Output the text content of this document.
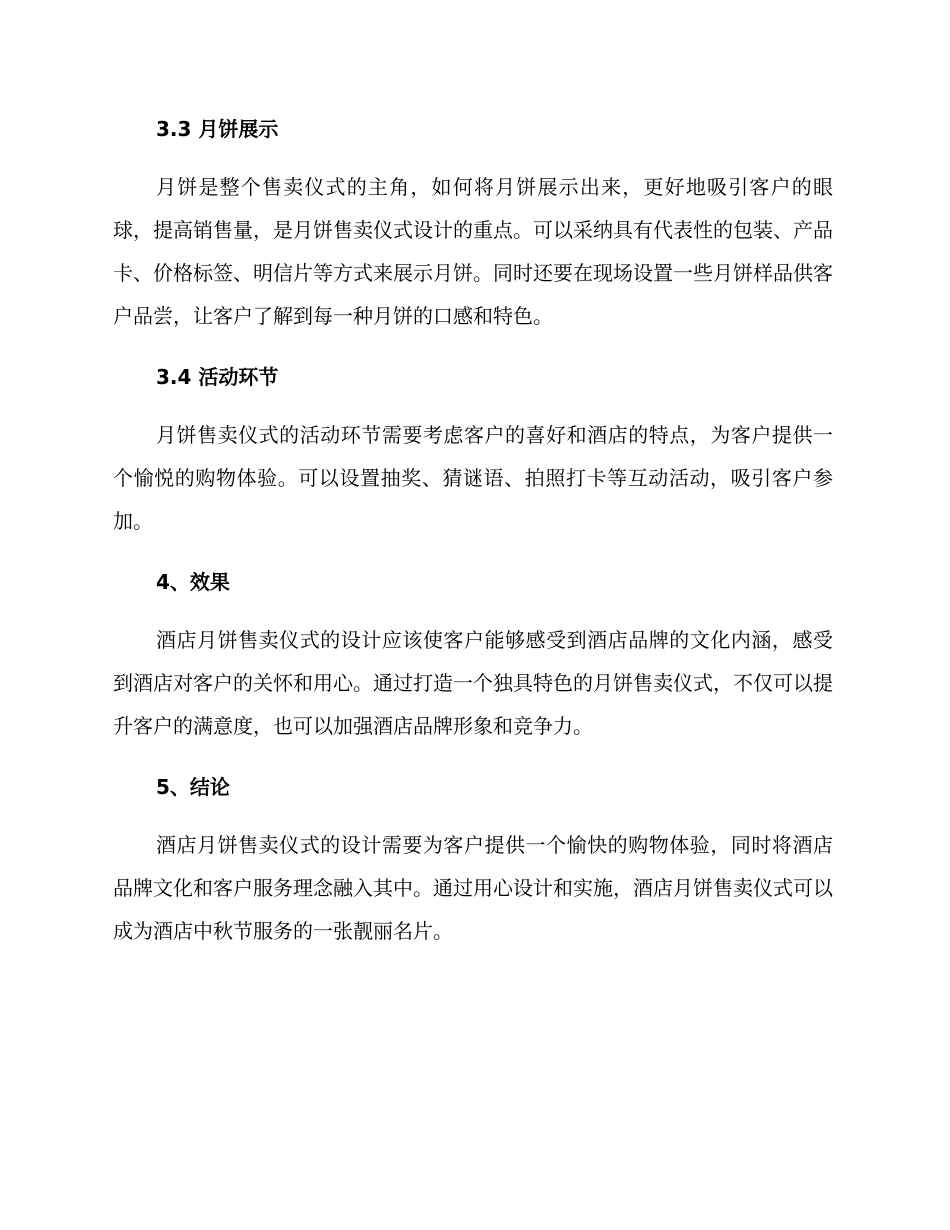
3.3 月饼展示

月饼是整个售卖仪式的主角，如何将月饼展示出来，更好地吸引客户的眼球，提高销售量，是月饼售卖仪式设计的重点。可以采纳具有代表性的包装、产品卡、价格标签、明信片等方式来展示月饼。同时还要在现场设置一些月饼样品供客户品尝，让客户了解到每一种月饼的口感和特色。

3.4 活动环节

月饼售卖仪式的活动环节需要考虑客户的喜好和酒店的特点，为客户提供一个愉悦的购物体验。可以设置抽奖、猜谜语、拍照打卡等互动活动，吸引客户参加。

4、效果

酒店月饼售卖仪式的设计应该使客户能够感受到酒店品牌的文化内涵，感受到酒店对客户的关怀和用心。通过打造一个独具特色的月饼售卖仪式，不仅可以提升客户的满意度，也可以加强酒店品牌形象和竞争力。

5、结论

酒店月饼售卖仪式的设计需要为客户提供一个愉快的购物体验，同时将酒店品牌文化和客户服务理念融入其中。通过用心设计和实施，酒店月饼售卖仪式可以成为酒店中秋节服务的一张靓丽名片。
